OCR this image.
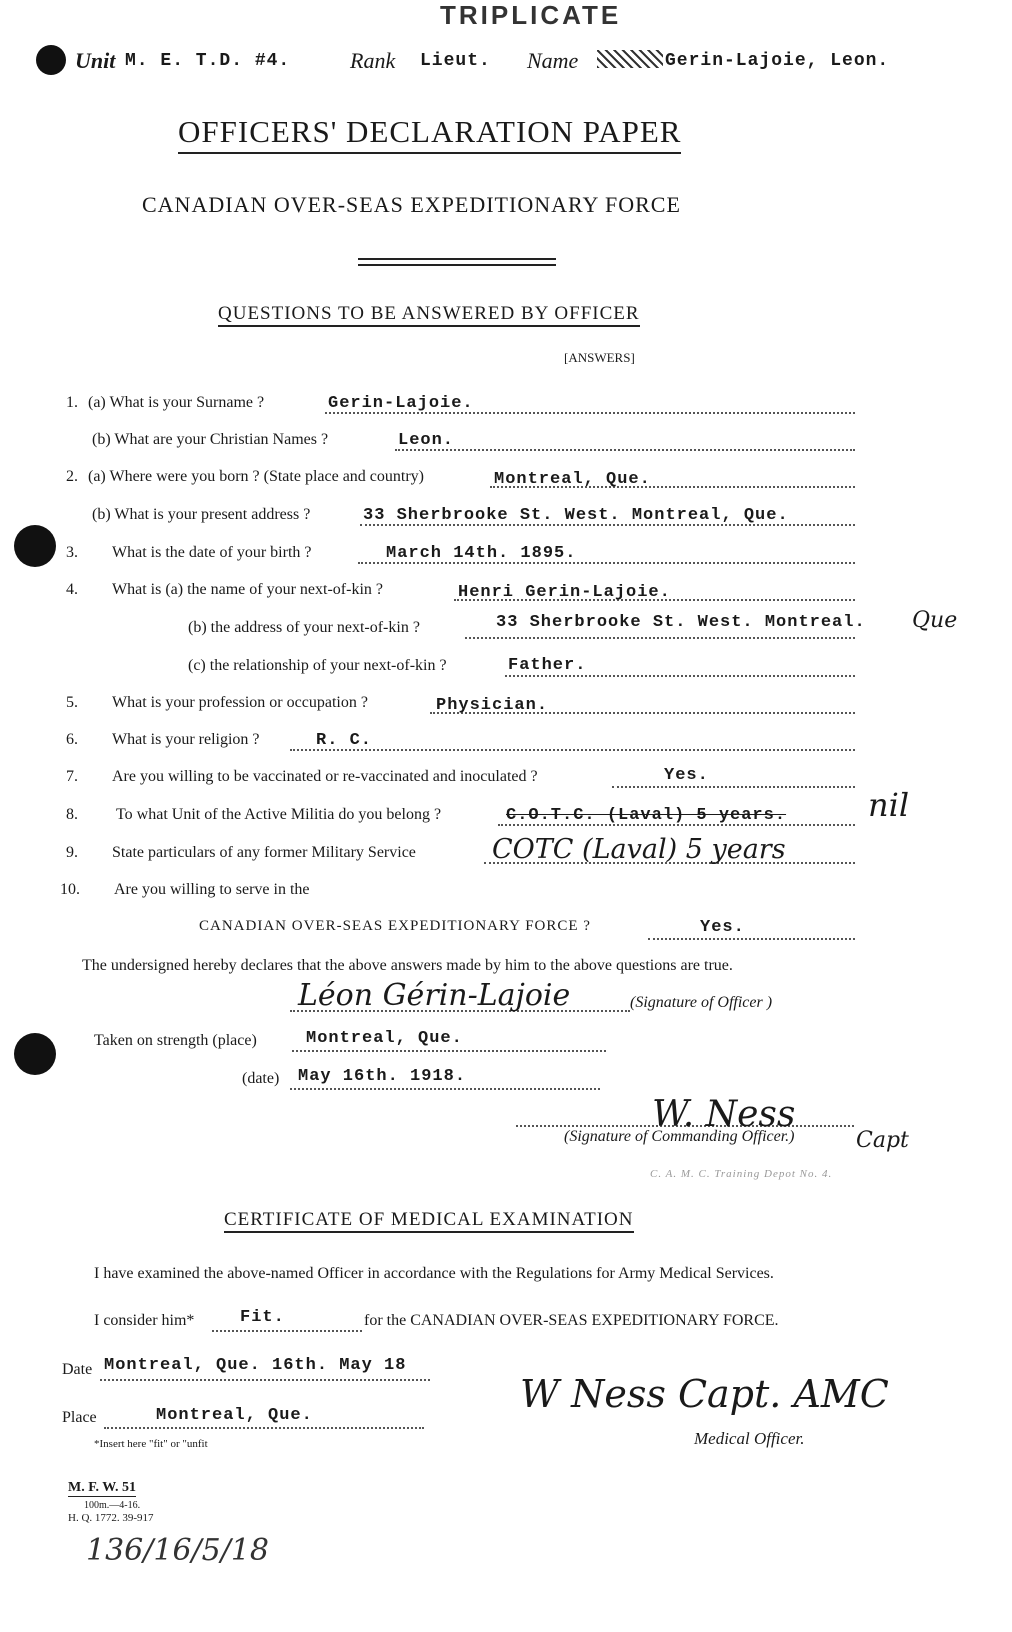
TRIPLICATE
Unit M. E. T.D. #4.	Rank Lieut. Name	Gerin-Lajoie, Leon.
OFFICERS' DECLARATION PAPER
CANADIAN OVER-SEAS EXPEDITIONARY FORCE
QUESTIONS TO BE ANSWERED BY OFFICER
[ANSWERS]
1. (a) What is your Surname ?	Gerin-Lajoie.
(b) What are your Christian Names ?	Leon.
2. (a) Where were you born ? (State place and country)	Montreal, Que.
(b) What is your present address ?	33 Sherbrooke St. West. Montreal, Que.
3. What is the date of your birth ?	March 14th. 1895.
4. What is (a) the name of your next-of-kin ?	Henri Gerin-Lajoie.
(b) the address of your next-of-kin ?	33 Sherbrooke St. West. Montreal. Que
(c) the relationship of your next-of-kin ?	Father.
5. What is your profession or occupation ?	Physician.
6. What is your religion ?	R. C.
7. Are you willing to be vaccinated or re-vaccinated and inoculated ?	Yes.
8. To what Unit of the Active Militia do you belong ?	C.O.T.C. (Laval) 5 years.	nil
9. State particulars of any former Military Service	COTC (Laval) 5 years
10. Are you willing to serve in the
CANADIAN OVER-SEAS EXPEDITIONARY FORCE ?	Yes.
The undersigned hereby declares that the above answers made by him to the above questions are true.
Léon Gérin-Lajoie	(Signature of Officer )
Taken on strength (place)	Montreal, Que.
(date) May 16th. 1918.
W. Ness
(Signature of Commanding Officer.)	Capt
C. A. M. C. Training Depot No. 4.
CERTIFICATE OF MEDICAL EXAMINATION
I have examined the above-named Officer in accordance with the Regulations for Army Medical Services.
I consider him*	Fit.	for the CANADIAN OVER-SEAS EXPEDITIONARY FORCE.
Date Montreal, Que. 16th. May 18
Place	Montreal, Que.
*Insert here "fit" or "unfit
W Ness Capt. AMC
Medical Officer.
M. F. W. 51
100m.—4-16.
H. Q. 1772. 39-917
136/16/5/18
